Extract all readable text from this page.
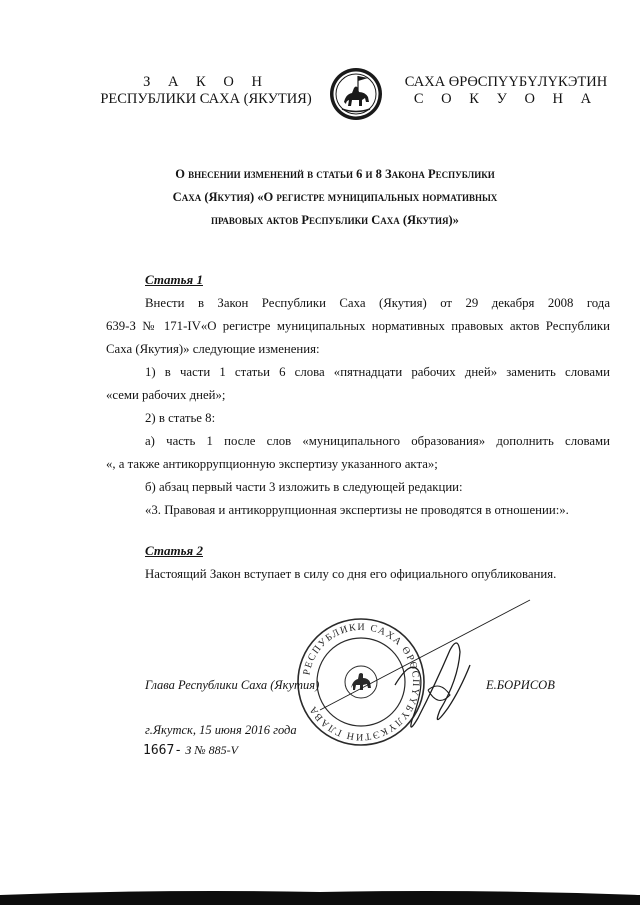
З А К О Н
РЕСПУБЛИКИ САХА (ЯКУТИЯ)
САХА ӨРӨСПҮҮБҮЛҮКЭТИН
С О К У О Н А
О внесении изменений в статьи 6 и 8 Закона Республики
Саха (Якутия) «О регистре муниципальных нормативных
правовых актов Республики Саха (Якутия)»
Статья 1
Внести в Закон Республики Саха (Якутия) от 29 декабря 2008 года
639-З № 171-IV«О регистре муниципальных нормативных правовых актов Республики
Саха (Якутия)» следующие изменения:
1) в части 1 статьи 6 слова «пятнадцати рабочих дней» заменить словами
«семи рабочих дней»;
2) в статье 8:
а) часть 1 после слов «муниципального образования» дополнить словами
«, а также антикоррупционную экспертизу указанного акта»;
б) абзац первый части 3 изложить в следующей редакции:
«3. Правовая и антикоррупционная экспертизы не проводятся в отношении:».
Статья 2
Настоящий Закон вступает в силу со дня его официального опубликования.
РЕСПУБЛИКИ САХА ӨРӨСПҮҮБҮЛҮКЭТИН ГЛАВА
Глава Республики Саха (Якутия)	Е.БОРИСОВ
г.Якутск, 15 июня 2016 года
1667- З № 885-V
